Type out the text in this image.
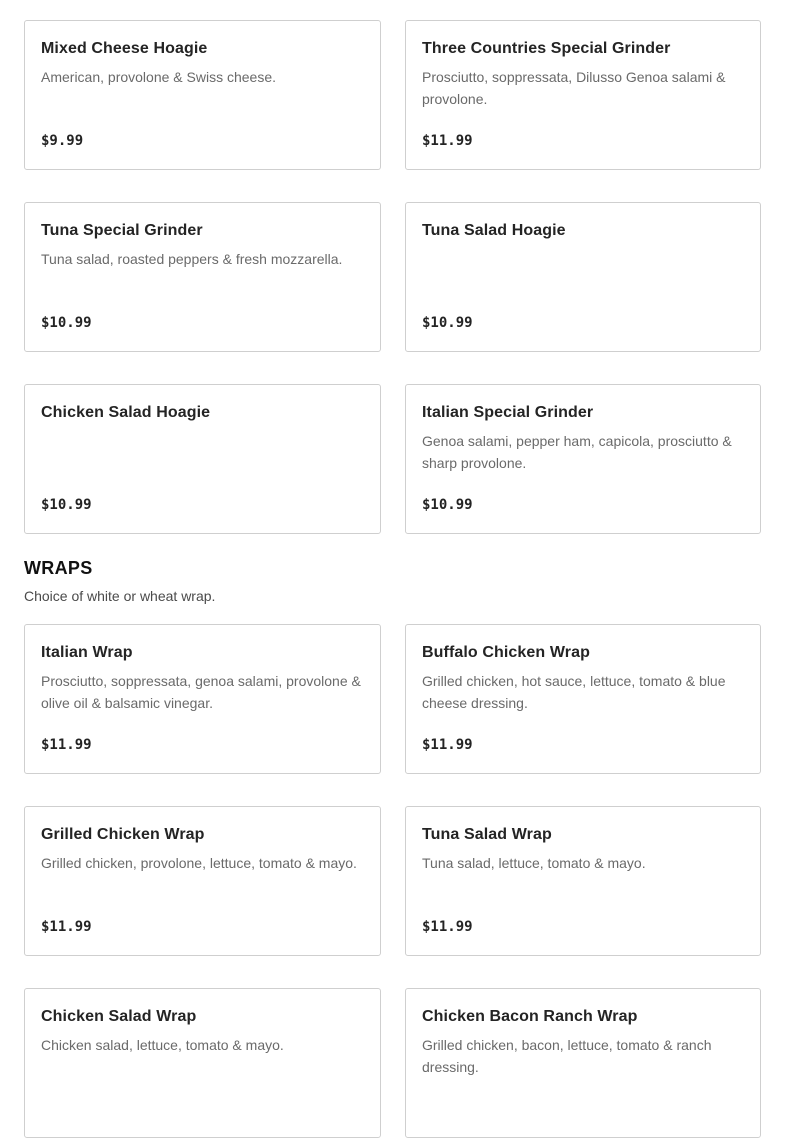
Mixed Cheese Hoagie
American, provolone & Swiss cheese.
$9.99
Three Countries Special Grinder
Prosciutto, soppressata, Dilusso Genoa salami & provolone.
$11.99
Tuna Special Grinder
Tuna salad, roasted peppers & fresh mozzarella.
$10.99
Tuna Salad Hoagie
$10.99
Chicken Salad Hoagie
$10.99
Italian Special Grinder
Genoa salami, pepper ham, capicola, prosciutto & sharp provolone.
$10.99
WRAPS

Choice of white or wheat wrap.

Italian Wrap
Prosciutto, soppressata, genoa salami, provolone & olive oil & balsamic vinegar.
$11.99
Buffalo Chicken Wrap
Grilled chicken, hot sauce, lettuce, tomato & blue cheese dressing.
$11.99
Grilled Chicken Wrap
Grilled chicken, provolone, lettuce, tomato & mayo.
$11.99
Tuna Salad Wrap
Tuna salad, lettuce, tomato & mayo.
$11.99
Chicken Salad Wrap
Chicken salad, lettuce, tomato & mayo.
Chicken Bacon Ranch Wrap
Grilled chicken, bacon, lettuce, tomato & ranch dressing.
